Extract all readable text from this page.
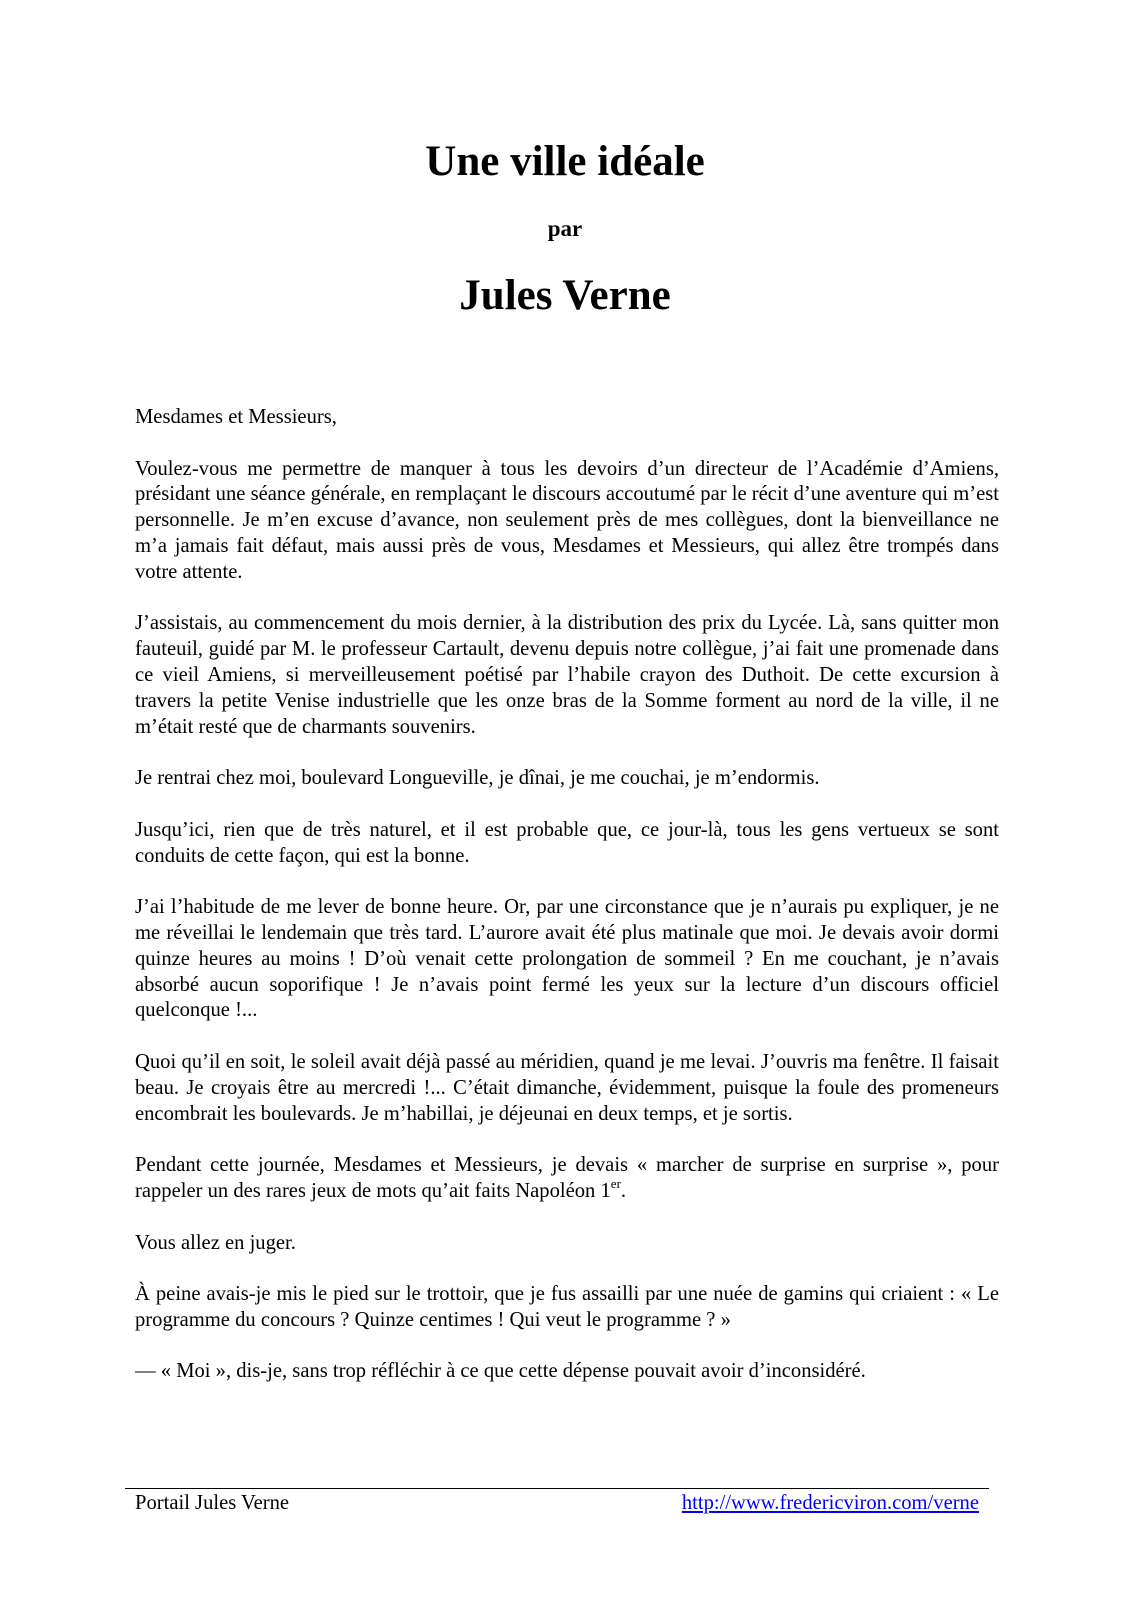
Une ville idéale
par
Jules Verne

Mesdames et Messieurs,

Voulez-vous me permettre de manquer à tous les devoirs d’un directeur de l’Académie d’Amiens, présidant une séance générale, en remplaçant le discours accoutumé par le récit d’une aventure qui m’est personnelle. Je m’en excuse d’avance, non seulement près de mes collègues, dont la bienveillance ne m’a jamais fait défaut, mais aussi près de vous, Mesdames et Messieurs, qui allez être trompés dans votre attente.

J’assistais, au commencement du mois dernier, à la distribution des prix du Lycée. Là, sans quitter mon fauteuil, guidé par M. le professeur Cartault, devenu depuis notre collègue, j’ai fait une promenade dans ce vieil Amiens, si merveilleusement poétisé par l’habile crayon des Duthoit. De cette excursion à travers la petite Venise industrielle que les onze bras de la Somme forment au nord de la ville, il ne m’était resté que de charmants souvenirs.

Je rentrai chez moi, boulevard Longueville, je dînai, je me couchai, je m’endormis.

Jusqu’ici, rien que de très naturel, et il est probable que, ce jour-là, tous les gens vertueux se sont conduits de cette façon, qui est la bonne.

J’ai l’habitude de me lever de bonne heure. Or, par une circonstance que je n’aurais pu expliquer, je ne me réveillai le lendemain que très tard. L’aurore avait été plus matinale que moi. Je devais avoir dormi quinze heures au moins ! D’où venait cette prolongation de sommeil ? En me couchant, je n’avais absorbé aucun soporifique ! Je n’avais point fermé les yeux sur la lecture d’un discours officiel quelconque !...

Quoi qu’il en soit, le soleil avait déjà passé au méridien, quand je me levai. J’ouvris ma fenêtre. Il faisait beau. Je croyais être au mercredi !... C’était dimanche, évidemment, puisque la foule des promeneurs encombrait les boulevards. Je m’habillai, je déjeunai en deux temps, et je sortis.

Pendant cette journée, Mesdames et Messieurs, je devais « marcher de surprise en surprise », pour rappeler un des rares jeux de mots qu’ait faits Napoléon 1er.

Vous allez en juger.

À peine avais-je mis le pied sur le trottoir, que je fus assailli par une nuée de gamins qui criaient : « Le programme du concours ? Quinze centimes ! Qui veut le programme ? »

— « Moi », dis-je, sans trop réfléchir à ce que cette dépense pouvait avoir d’inconsidéré.

Portail Jules Verne	http://www.fredericviron.com/verne
